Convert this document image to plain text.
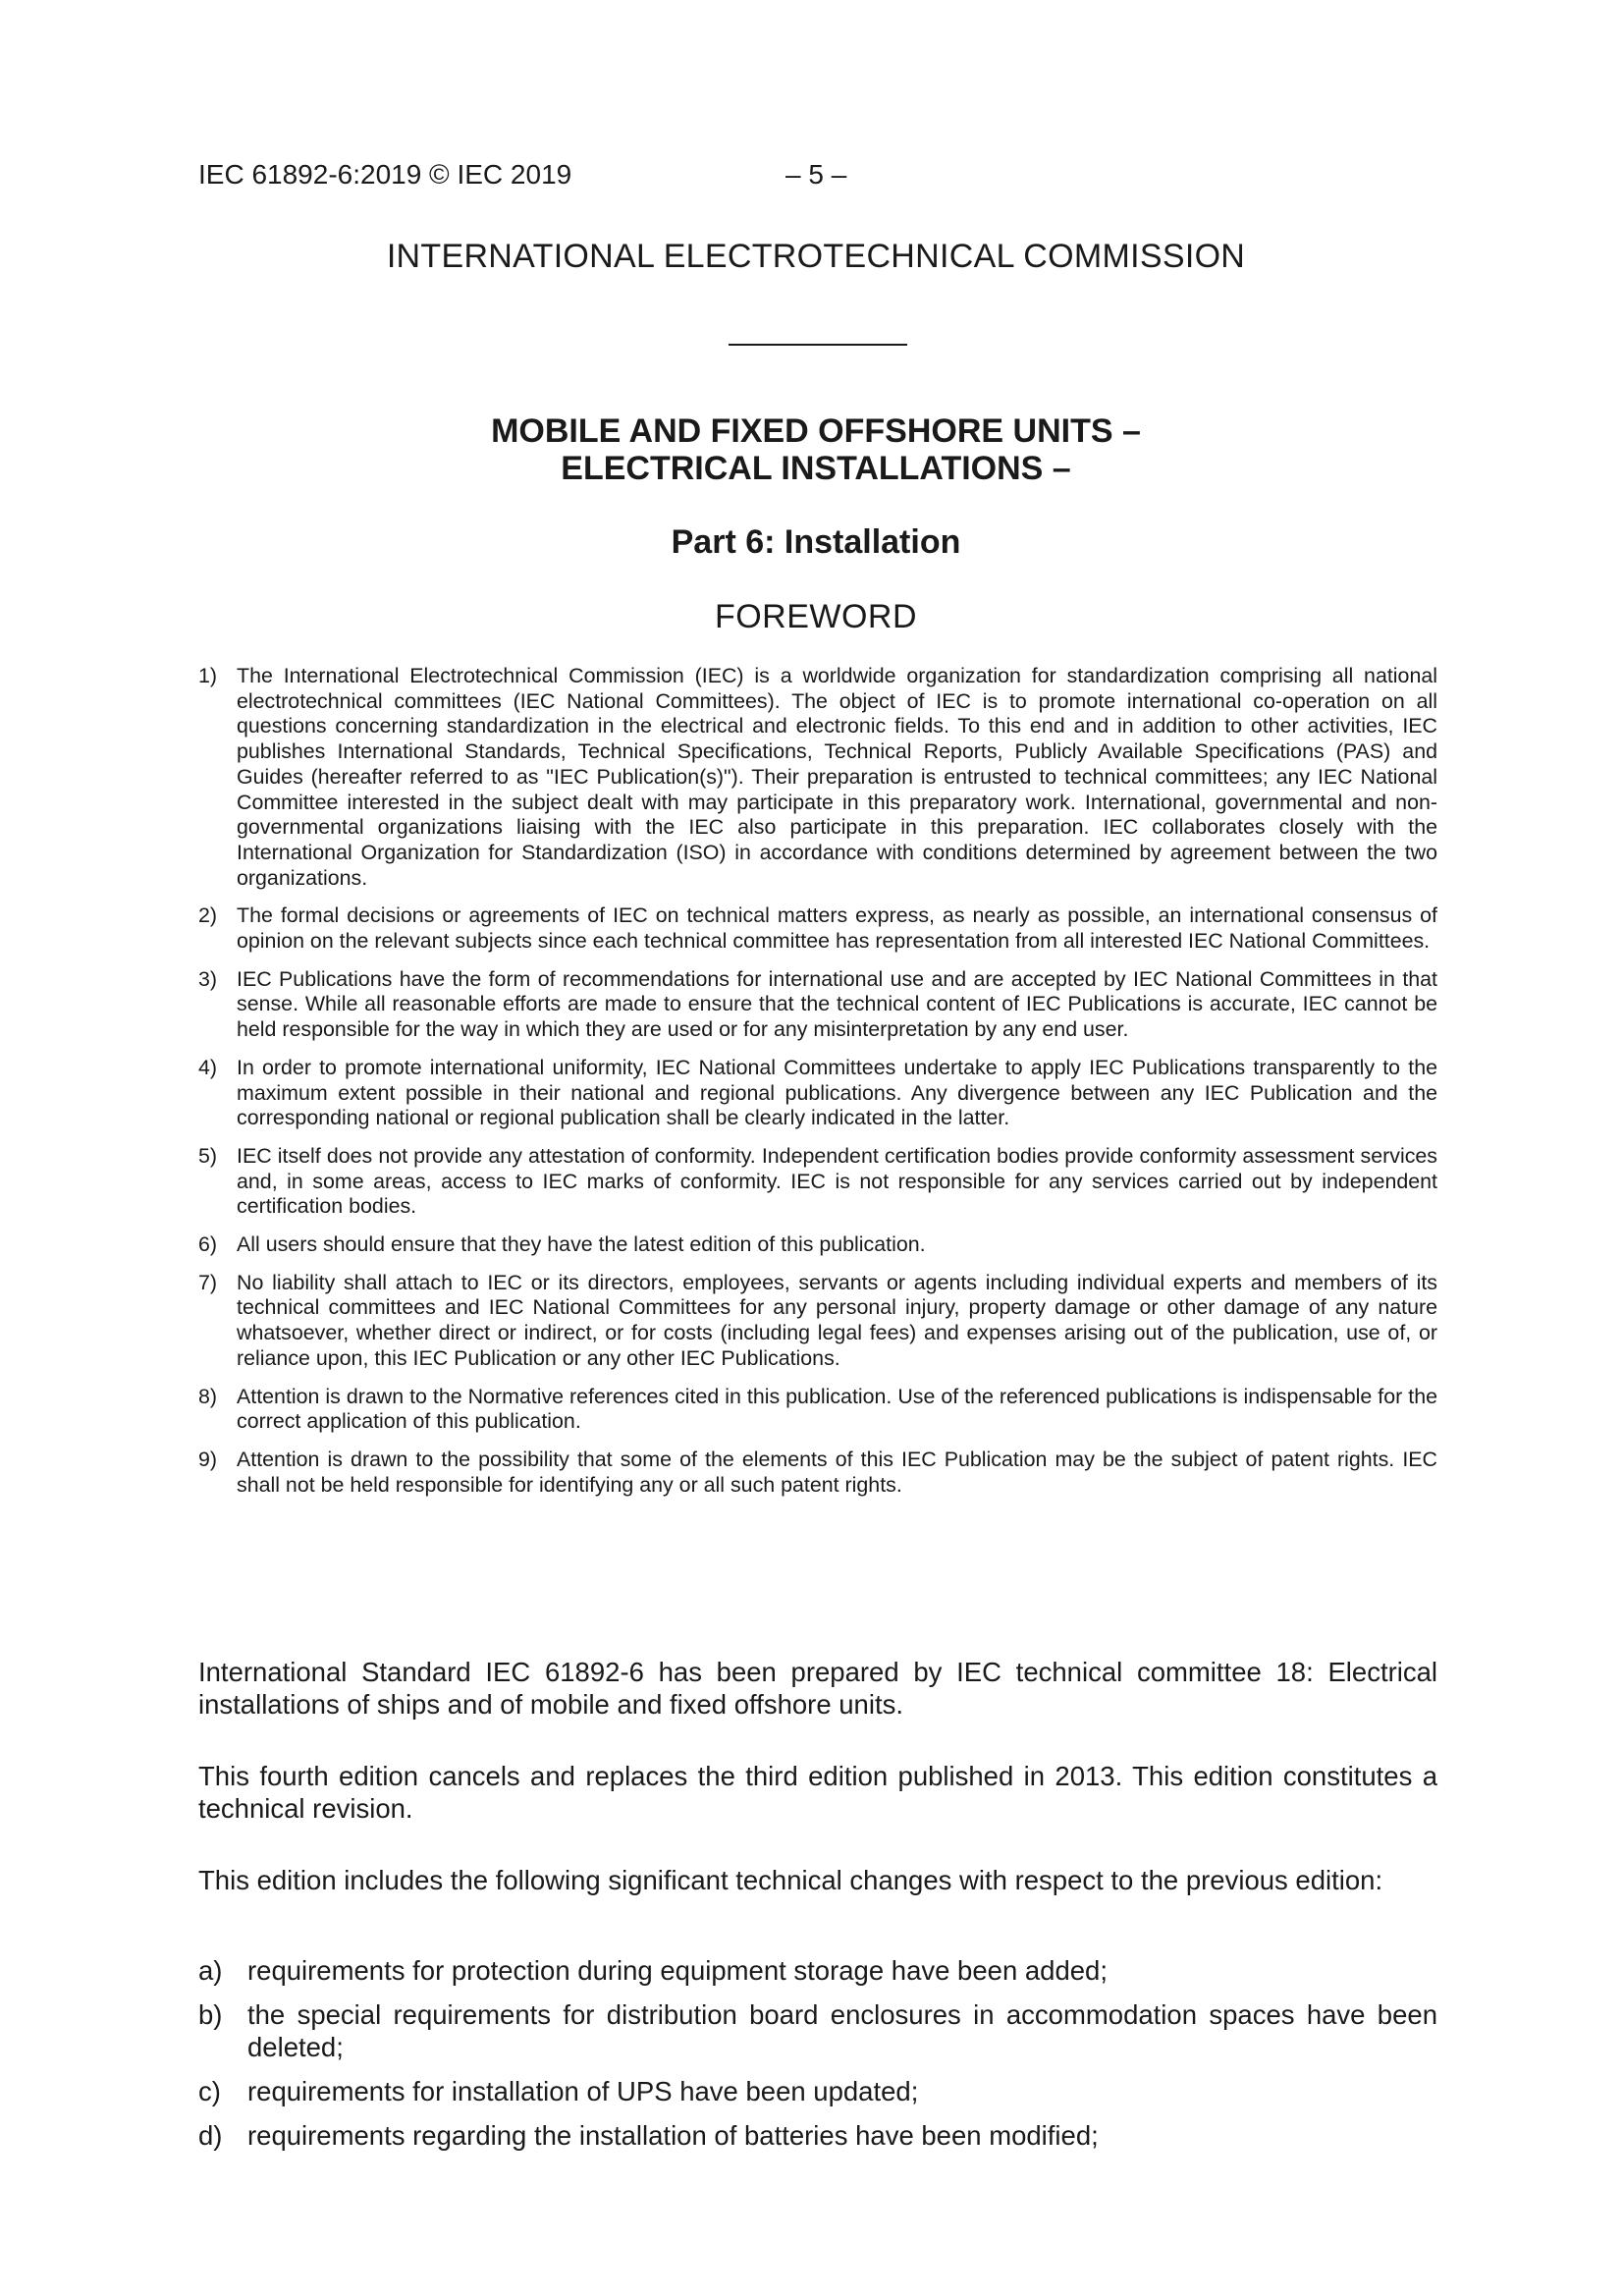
IEC 61892-6:2019 © IEC 2019	– 5 –
INTERNATIONAL ELECTROTECHNICAL COMMISSION
MOBILE AND FIXED OFFSHORE UNITS –
ELECTRICAL INSTALLATIONS –
Part 6: Installation
FOREWORD
1) The International Electrotechnical Commission (IEC) is a worldwide organization for standardization comprising all national electrotechnical committees (IEC National Committees). The object of IEC is to promote international co-operation on all questions concerning standardization in the electrical and electronic fields. To this end and in addition to other activities, IEC publishes International Standards, Technical Specifications, Technical Reports, Publicly Available Specifications (PAS) and Guides (hereafter referred to as "IEC Publication(s)"). Their preparation is entrusted to technical committees; any IEC National Committee interested in the subject dealt with may participate in this preparatory work. International, governmental and non-governmental organizations liaising with the IEC also participate in this preparation. IEC collaborates closely with the International Organization for Standardization (ISO) in accordance with conditions determined by agreement between the two organizations.
2) The formal decisions or agreements of IEC on technical matters express, as nearly as possible, an international consensus of opinion on the relevant subjects since each technical committee has representation from all interested IEC National Committees.
3) IEC Publications have the form of recommendations for international use and are accepted by IEC National Committees in that sense. While all reasonable efforts are made to ensure that the technical content of IEC Publications is accurate, IEC cannot be held responsible for the way in which they are used or for any misinterpretation by any end user.
4) In order to promote international uniformity, IEC National Committees undertake to apply IEC Publications transparently to the maximum extent possible in their national and regional publications. Any divergence between any IEC Publication and the corresponding national or regional publication shall be clearly indicated in the latter.
5) IEC itself does not provide any attestation of conformity. Independent certification bodies provide conformity assessment services and, in some areas, access to IEC marks of conformity. IEC is not responsible for any services carried out by independent certification bodies.
6) All users should ensure that they have the latest edition of this publication.
7) No liability shall attach to IEC or its directors, employees, servants or agents including individual experts and members of its technical committees and IEC National Committees for any personal injury, property damage or other damage of any nature whatsoever, whether direct or indirect, or for costs (including legal fees) and expenses arising out of the publication, use of, or reliance upon, this IEC Publication or any other IEC Publications.
8) Attention is drawn to the Normative references cited in this publication. Use of the referenced publications is indispensable for the correct application of this publication.
9) Attention is drawn to the possibility that some of the elements of this IEC Publication may be the subject of patent rights. IEC shall not be held responsible for identifying any or all such patent rights.

International Standard IEC 61892-6 has been prepared by IEC technical committee 18: Electrical installations of ships and of mobile and fixed offshore units.

This fourth edition cancels and replaces the third edition published in 2013. This edition constitutes a technical revision.

This edition includes the following significant technical changes with respect to the previous edition:

a) requirements for protection during equipment storage have been added;
b) the special requirements for distribution board enclosures in accommodation spaces have been deleted;
c) requirements for installation of UPS have been updated;
d) requirements regarding the installation of batteries have been modified;
